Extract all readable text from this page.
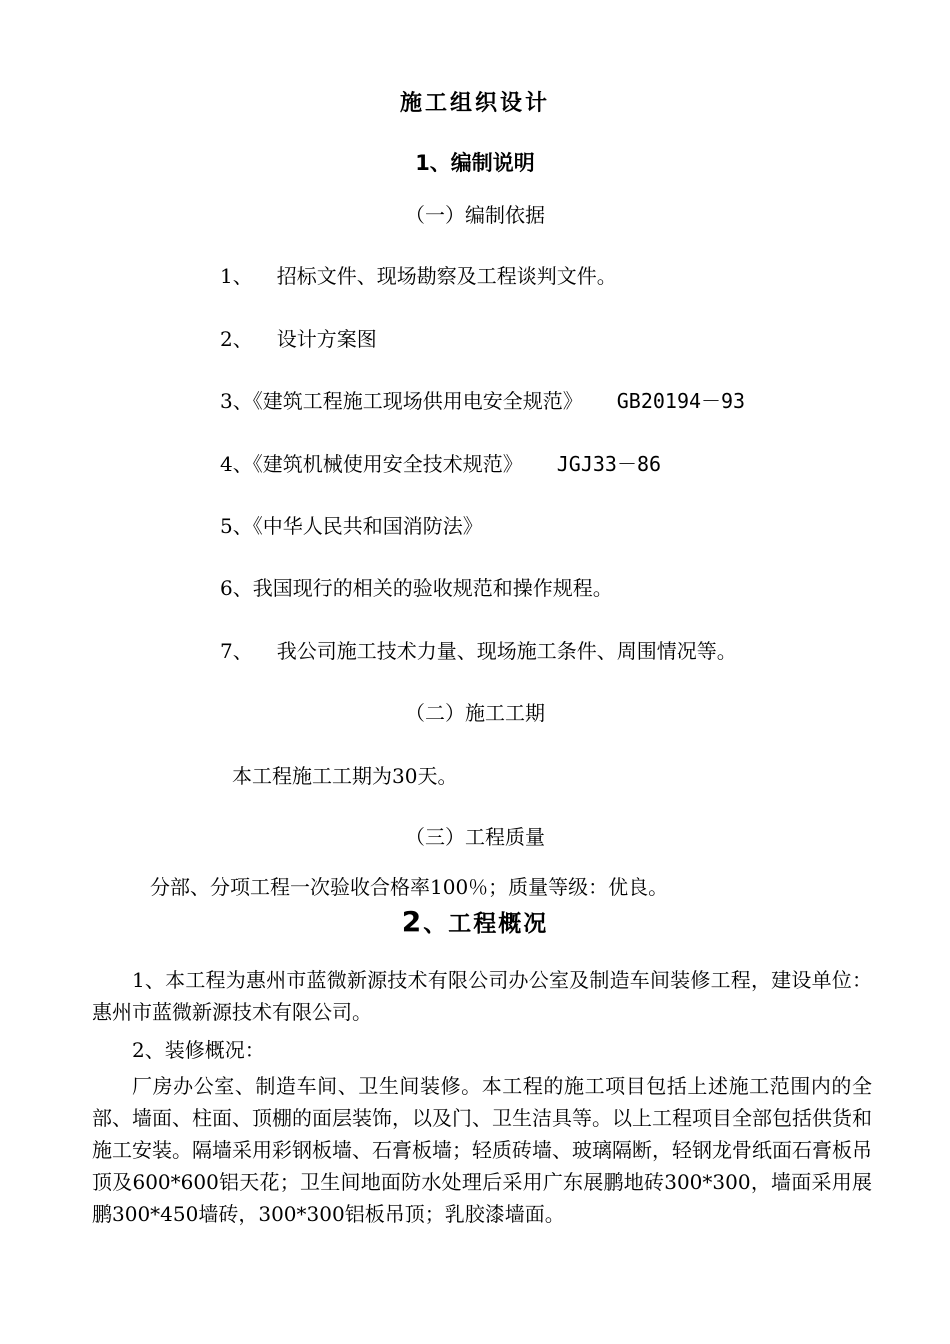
施工组织设计
1、编制说明
（一）编制依据
1、 招标文件、现场勘察及工程谈判文件。
2、 设计方案图
3、《建筑工程施工现场供用电安全规范》 GB20194－93
4、《建筑机械使用安全技术规范》 JGJ33－86
5、《中华人民共和国消防法》
6、我国现行的相关的验收规范和操作规程。
7、 我公司施工技术力量、现场施工条件、周围情况等。
（二）施工工期
本工程施工工期为30天。
（三）工程质量
分部、分项工程一次验收合格率100％；质量等级：优良。
2、工程概况
1、本工程为惠州市蓝微新源技术有限公司办公室及制造车间装修工程，建设单位：惠州市蓝微新源技术有限公司。
2、装修概况：
厂房办公室、制造车间、卫生间装修。本工程的施工项目包括上述施工范围内的全部、墙面、柱面、顶棚的面层装饰，以及门、卫生洁具等。以上工程项目全部包括供货和施工安装。隔墙采用彩钢板墙、石膏板墙；轻质砖墙、玻璃隔断，轻钢龙骨纸面石膏板吊顶及600*600铝天花；卫生间地面防水处理后采用广东展鹏地砖300*300，墙面采用展鹏300*450墙砖，300*300铝板吊顶；乳胶漆墙面。
